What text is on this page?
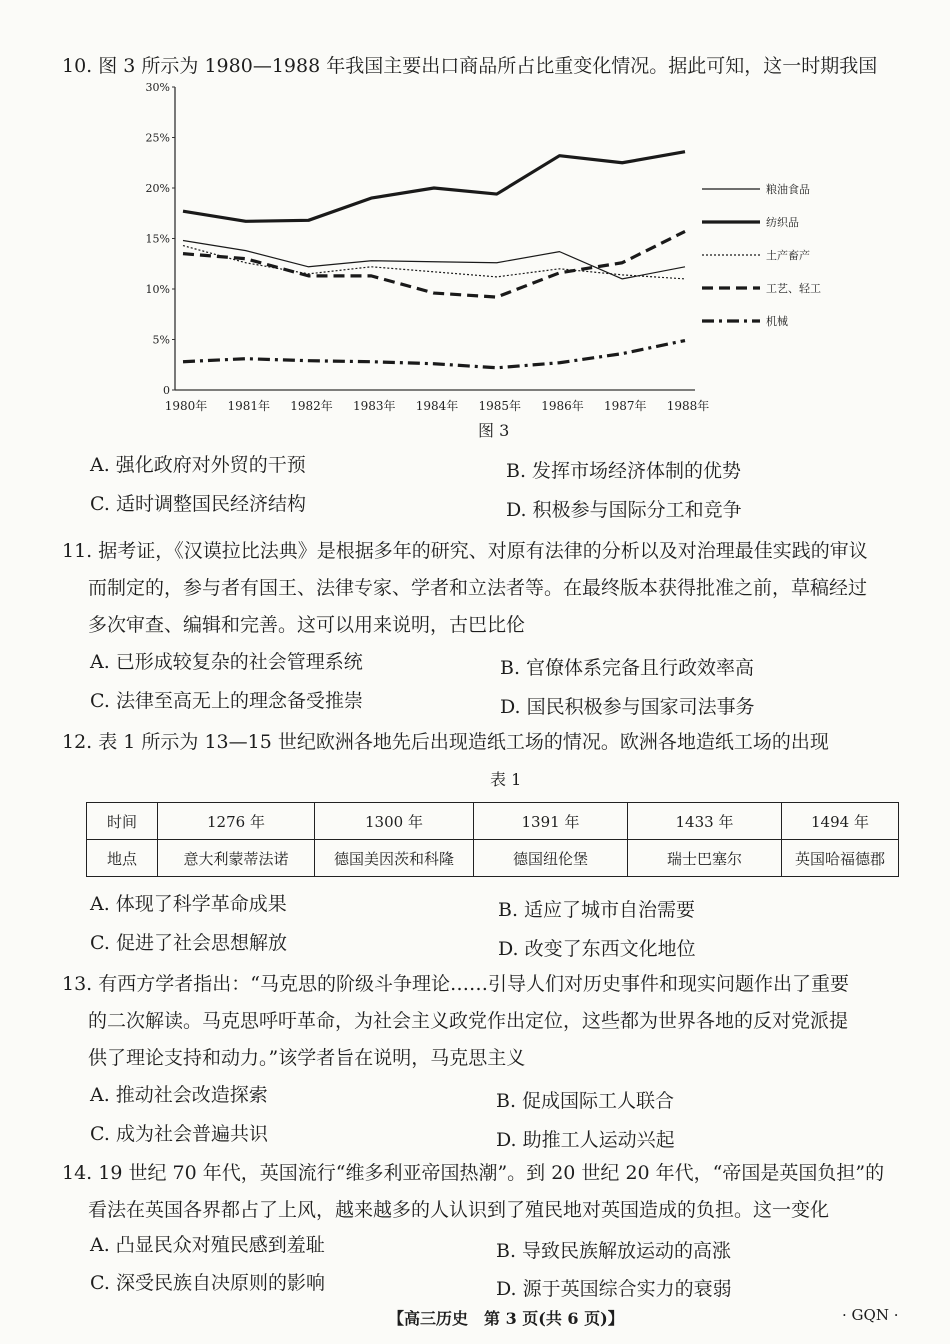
10. 图 3 所示为 1980—1988 年我国主要出口商品所占比重变化情况。据此可知，这一时期我国
0
5%
10%
15%
20%
25%
30%
1980年 1981年 1982年 1983年 1984年 1985年 1986年 1987年 1988年
粮油食品
纺织品
土产畜产
工艺、轻工
机械
图 3
A. 强化政府对外贸的干预	B. 发挥市场经济体制的优势
C. 适时调整国民经济结构	D. 积极参与国际分工和竞争
11. 据考证，《汉谟拉比法典》是根据多年的研究、对原有法律的分析以及对治理最佳实践的审议
而制定的，参与者有国王、法律专家、学者和立法者等。在最终版本获得批准之前，草稿经过
多次审查、编辑和完善。这可以用来说明，古巴比伦
A. 已形成较复杂的社会管理系统	B. 官僚体系完备且行政效率高
C. 法律至高无上的理念备受推崇	D. 国民积极参与国家司法事务
12. 表 1 所示为 13—15 世纪欧洲各地先后出现造纸工场的情况。欧洲各地造纸工场的出现
表 1
时间	1276 年	1300 年	1391 年	1433 年	1494 年
地点	意大利蒙蒂法诺	德国美因茨和科隆	德国纽伦堡	瑞士巴塞尔	英国哈福德郡
A. 体现了科学革命成果	B. 适应了城市自治需要
C. 促进了社会思想解放	D. 改变了东西文化地位
13. 有西方学者指出：“马克思的阶级斗争理论……引导人们对历史事件和现实问题作出了重要
的二次解读。马克思呼吁革命，为社会主义政党作出定位，这些都为世界各地的反对党派提
供了理论支持和动力。”该学者旨在说明，马克思主义
A. 推动社会改造探索	B. 促成国际工人联合
C. 成为社会普遍共识	D. 助推工人运动兴起
14. 19 世纪 70 年代，英国流行“维多利亚帝国热潮”。到 20 世纪 20 年代，“帝国是英国负担”的
看法在英国各界都占了上风，越来越多的人认识到了殖民地对英国造成的负担。这一变化
A. 凸显民众对殖民感到羞耻	B. 导致民族解放运动的高涨
C. 深受民族自决原则的影响	D. 源于英国综合实力的衰弱
【高三历史　第 3 页(共 6 页)】	· GQN ·
